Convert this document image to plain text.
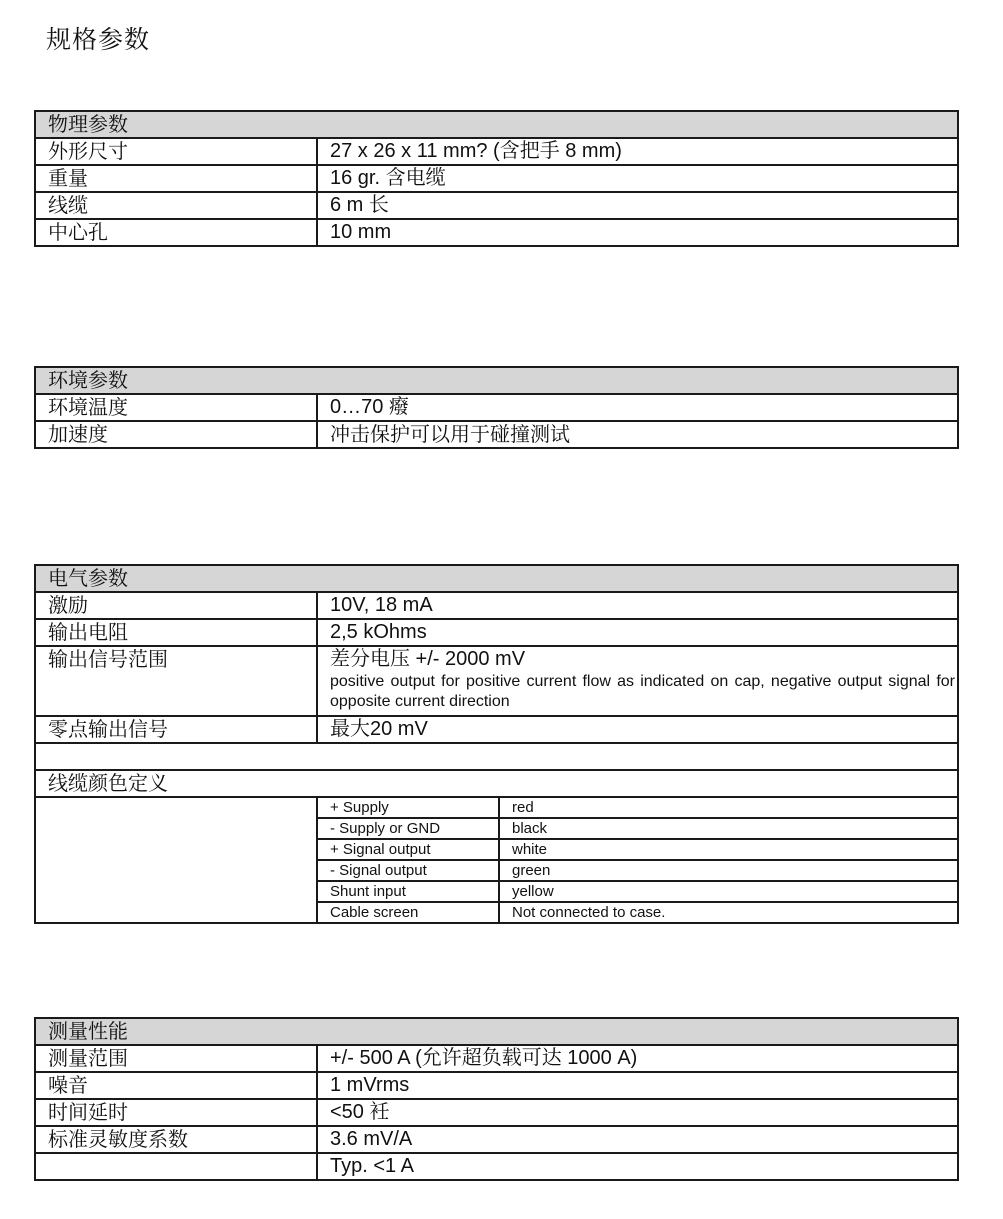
规格参数
物理参数	
外形尺寸	27 x 26 x 11 mm? (含把手 8 mm)
重量	16 gr. 含电缆
线缆	6 m 长
中心孔	10 mm
环境参数	
环境温度	0…70 癈
加速度	冲击保护可以用于碰撞测试
电气参数
激励	10V, 18 mA
输出电阻	2,5 kOhms
输出信号范围	差分电压 +/- 2000 mV
positive output for positive current flow as indicated on cap, negative output signal for opposite current direction

零点输出信号	最大20 mV

线缆颜色定义

+ Supply	red
- Supply or GND	black
+ Signal output	white
- Signal output	green
Shunt input	yellow
Cable screen	Not connected to case.
测量性能	
测量范围	+/- 500 A (允许超负载可达 1000 A)
噪音	1 mVrms
时间延时	<50 衽
标准灵敏度系数	3.6 mV/A
	Typ. <1 A
